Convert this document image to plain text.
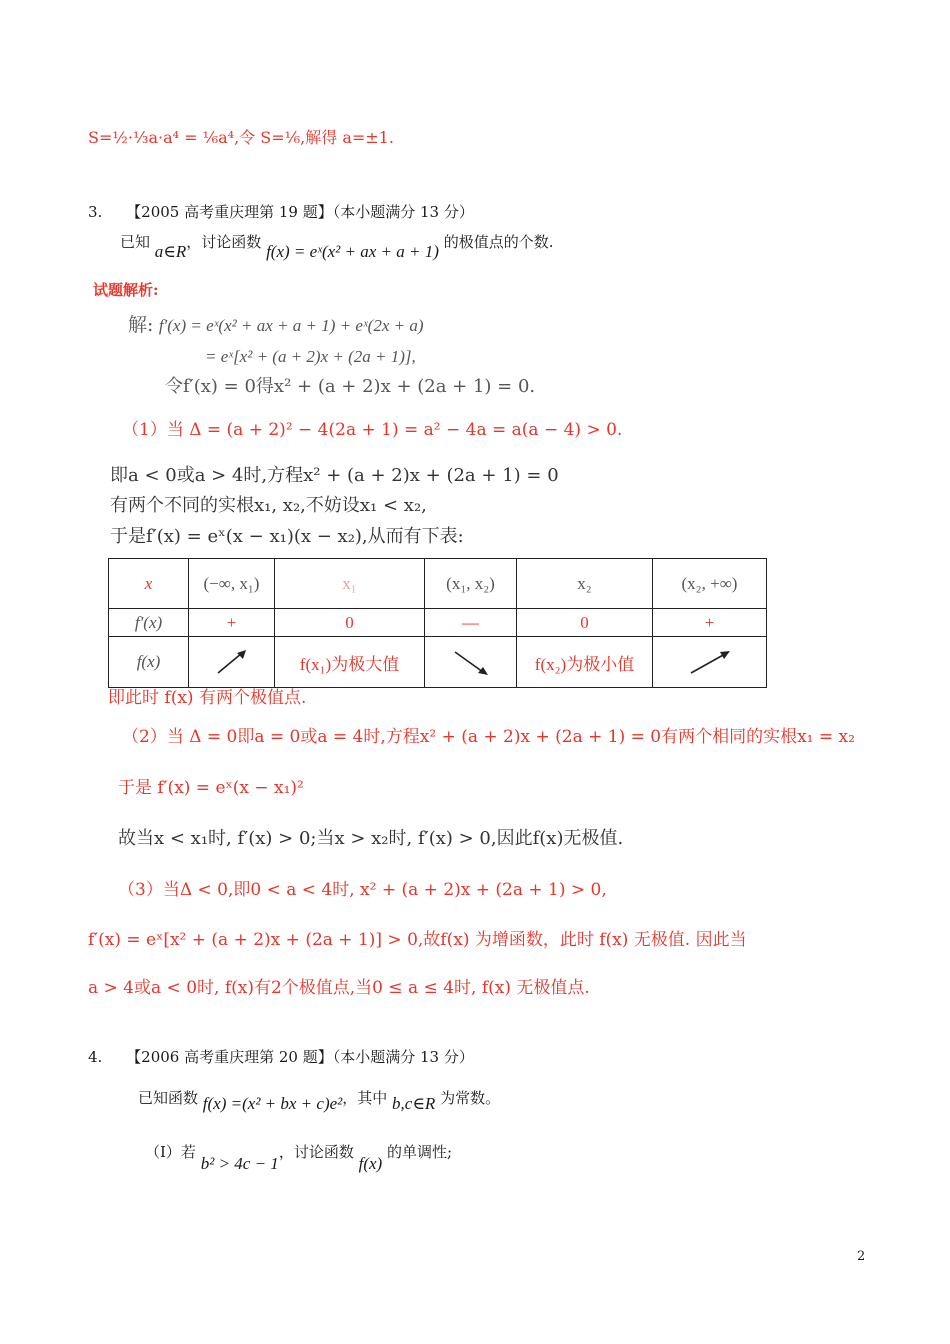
S=½·⅓a·a⁴ = ⅙a⁴,令 S=⅙,解得 a=±1.
3. 【2005 高考重庆理第 19 题】（本小题满分 13 分）
已知 a∈R，讨论函数 f(x) = eˣ(x² + ax + a + 1) 的极值点的个数.
试题解析:
解: f′(x) = eˣ(x² + ax + a + 1) + eˣ(2x + a)
= eˣ[x² + (a + 2)x + (2a + 1)],
令f′(x) = 0得x² + (a + 2)x + (2a + 1) = 0.
（1）当 Δ = (a + 2)² − 4(2a + 1) = a² − 4a = a(a − 4) > 0.
即a < 0或a > 4时,方程x² + (a + 2)x + (2a + 1) = 0
有两个不同的实根x₁, x₂,不妨设x₁ < x₂,
于是f′(x) = eˣ(x − x₁)(x − x₂),从而有下表:
x	(−∞, x₁)	x₁	(x₁, x₂)	x₂	(x₂, +∞)
f′(x)	+	0	—	0	+
f(x)		f(x₁)为极大值		f(x₂)为极小值	
即此时 f(x) 有两个极值点.
（2）当 Δ = 0即a = 0或a = 4时,方程x² + (a + 2)x + (2a + 1) = 0有两个相同的实根x₁ = x₂
于是 f′(x) = eˣ(x − x₁)²
故当x < x₁时, f′(x) > 0;当x > x₂时, f′(x) > 0,因此f(x)无极值.
（3）当Δ < 0,即0 < a < 4时, x² + (a + 2)x + (2a + 1) > 0,
f′(x) = eˣ[x² + (a + 2)x + (2a + 1)] > 0,故f(x) 为增函数，此时 f(x) 无极值. 因此当
a > 4或a < 0时, f(x)有2个极值点,当0 ≤ a ≤ 4时, f(x) 无极值点.
4. 【2006 高考重庆理第 20 题】（本小题满分 13 分）
已知函数 f(x) =(x² + bx + c)e²，其中 b,c∈R 为常数。
（I）若 b² > 4c − 1，讨论函数 f(x) 的单调性;
2
